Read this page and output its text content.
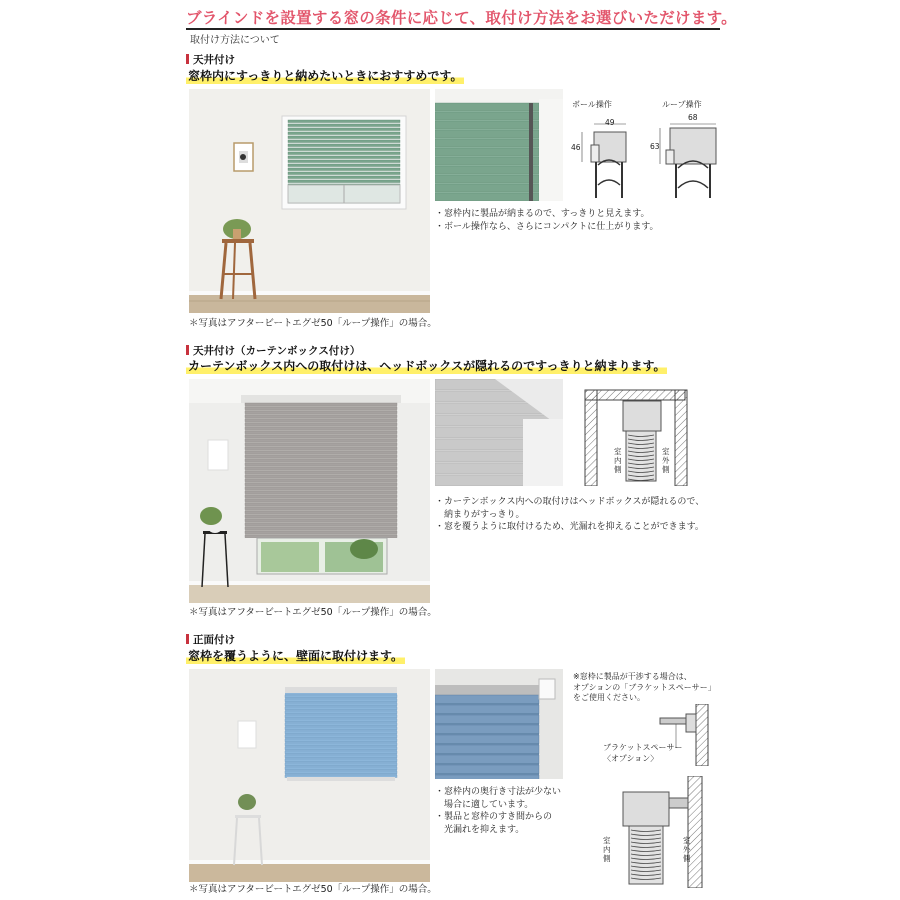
ブラインドを設置する窓の条件に応じて、取付け方法をお選びいただけます。
取付け方法について
天井付け
窓枠内にすっきりと納めたいときにおすすめです。
＊写真はアフタービートエグゼ50「ループ操作」の場合。
ボール操作
49
46
ループ操作
68
63
・窓枠内に製品が納まるので、すっきりと見えます。
・ボール操作なら、さらにコンパクトに仕上がります。
天井付け（カーテンボックス付け）
カーテンボックス内への取付けは、ヘッドボックスが隠れるのですっきりと納まります。
＊写真はアフタービートエグゼ50「ループ操作」の場合。
室内側
室外側
・カーテンボックス内への取付けはヘッドボックスが隠れるので、
　納まりがすっきり。
・窓を覆うように取付けるため、光漏れを抑えることができます。
正面付け
窓枠を覆うように、壁面に取付けます。
＊写真はアフタービートエグゼ50「ループ操作」の場合。
※窓枠に製品が干渉する場合は、
オプションの「ブラケットスペーサー」
をご使用ください。
ブラケットスペーサー
〈オプション〉
室内側
室外側
・窓枠内の奥行き寸法が少ない
　場合に適しています。
・製品と窓枠のすき間からの
　光漏れを抑えます。
